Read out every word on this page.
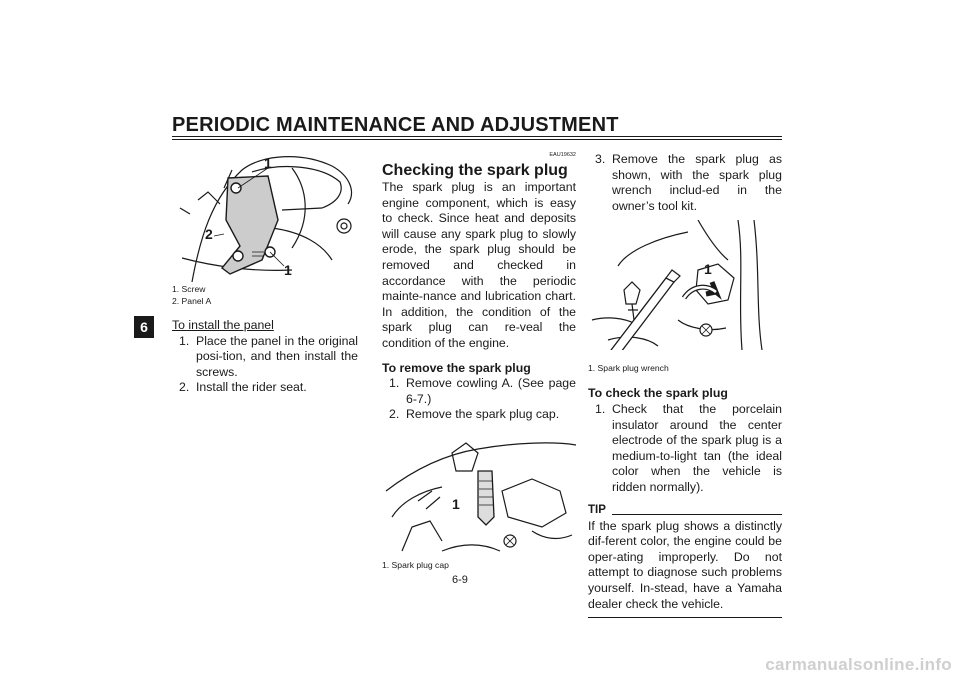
PERIODIC MAINTENANCE AND ADJUSTMENT
6
1
2
1
1. Screw
2. Panel A
To install the panel
1. Place the panel in the original posi-tion, and then install the screws.
2. Install the rider seat.
EAU19632
Checking the spark plug

The spark plug is an important engine component, which is easy to check. Since heat and deposits will cause any spark plug to slowly erode, the spark plug should be removed and checked in accordance with the periodic mainte-nance and lubrication chart. In addition, the condition of the spark plug can re-veal the condition of the engine.

To remove the spark plug
1. Remove cowling A. (See page 6-7.)
2. Remove the spark plug cap.
1
1. Spark plug cap
3. Remove the spark plug as shown, with the spark plug wrench includ-ed in the owner’s tool kit.
1
1. Spark plug wrench
To check the spark plug
1. Check that the porcelain insulator around the center electrode of the spark plug is a medium-to-light tan (the ideal color when the vehicle is ridden normally).
TIP

If the spark plug shows a distinctly dif-ferent color, the engine could be oper-ating improperly. Do not attempt to diagnose such problems yourself. In-stead, have a Yamaha dealer check the vehicle.

6-9
carmanualsonline.info
